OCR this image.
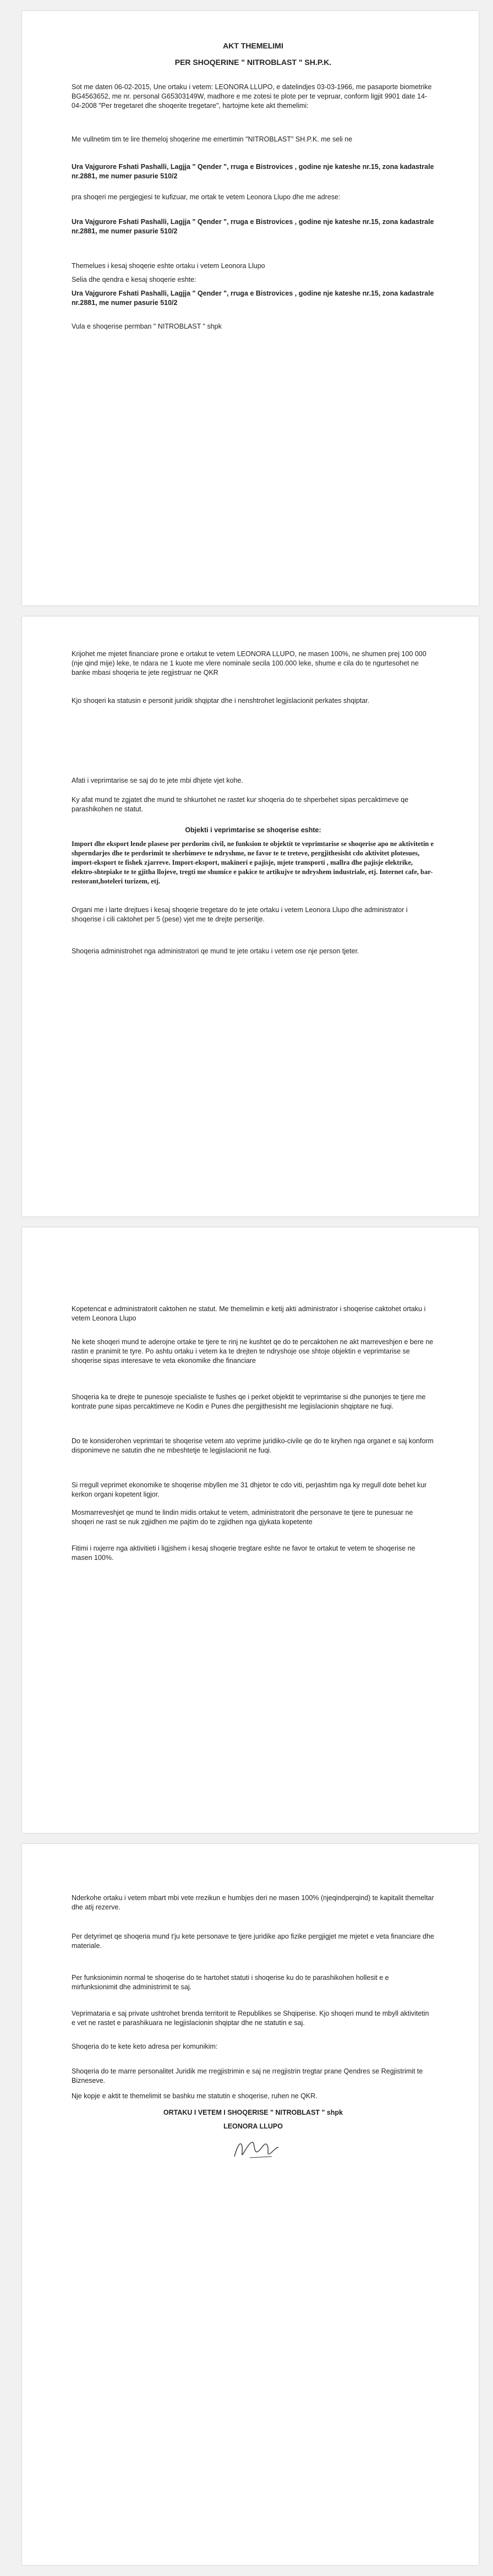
AKT THEMELIMI
PER SHOQERINE " NITROBLAST " SH.P.K.
Sot me daten 06-02-2015, Une ortaku i vetem: LEONORA LLUPO, e datelindjes 03-03-1966, me pasaporte biometrike BG4563652, me nr. personal G65303149W, madhore e me zotesi te plote per te vepruar, conform ligjit 9901 date 14-04-2008 "Per tregetaret dhe shoqerite tregetare", hartojme kete akt themelimi:
Me vullnetim tim te lire themeloj shoqerine me emertimin "NITROBLAST" SH.P.K. me seli ne
Ura Vajgurore Fshati Pashalli, Lagjja " Qender ", rruga e Bistrovices , godine nje kateshe nr.15, zona kadastrale nr.2881, me numer pasurie 510/2
pra shoqeri me pergjegjesi te kufizuar, me ortak te vetem Leonora Llupo dhe me adrese:
Ura Vajgurore Fshati Pashalli, Lagjja " Qender ", rruga e Bistrovices , godine nje kateshe nr.15, zona kadastrale nr.2881, me numer pasurie 510/2
Themelues i kesaj shoqerie eshte ortaku i vetem Leonora Llupo
Selia dhe qendra e kesaj shoqerie eshte:
Ura Vajgurore Fshati Pashalli, Lagjja " Qender ", rruga e Bistrovices , godine nje kateshe nr.15, zona kadastrale nr.2881, me numer pasurie 510/2
Vula e shoqerise permban " NITROBLAST " shpk
Krijohet me mjetet financiare prone e ortakut te vetem LEONORA LLUPO, ne masen 100%, ne shumen prej 100 000 (nje qind mije) leke, te ndara ne 1 kuote me vlere nominale secila 100.000 leke, shume e cila do te ngurtesohet ne banke mbasi shoqeria te jete regjistruar ne QKR
Kjo shoqeri ka statusin e personit juridik shqiptar dhe i nenshtrohet legjislacionit perkates shqiptar.
Afati i veprimtarise se saj do te jete mbi dhjete vjet kohe.
Ky afat mund te zgjatet dhe mund te shkurtohet ne rastet kur shoqeria do te shperbehet sipas percaktimeve qe parashikohen ne statut.
Objekti i veprimtarise se shoqerise eshte:
Import dhe eksport lende plasese per perdorim civil, ne funksion te objektit te veprimtarise se shoqerise apo ne aktivitetin e shperndarjes dhe te perdorimit te sherbimeve te ndryshme, ne favor te te treteve, pergjithesisht cdo aktivitet plotesues, import-eksport te fishek zjarreve. Import-eksport, makineri e pajisje, mjete transporti , mallra dhe pajisje elektrike, elektro-shtepiake te te gjitha llojeve, tregti me shumice e pakice te artikujve te ndryshem industriale, etj. Internet cafe, bar-restorant,hoteleri turizem, etj.
Organi me i larte drejtues i kesaj shoqerie tregetare do te jete ortaku i vetem Leonora Llupo dhe administrator i shoqerise i cili caktohet per 5 (pese) vjet me te drejte perseritje.
Shoqeria administrohet nga administratori qe mund te jete ortaku i vetem ose nje person tjeter.
Kopetencat e administratorit caktohen ne statut. Me themelimin e ketij akti administrator i shoqerise caktohet ortaku i vetem Leonora Llupo
Ne kete shoqeri mund te aderojne ortake te tjere te rinj ne kushtet qe do te percaktohen ne akt marreveshjen e bere ne rastin e pranimit te tyre. Po ashtu ortaku i vetem ka te drejten te ndryshoje ose shtoje objektin e veprimtarise se shoqerise sipas interesave te veta ekonomike dhe financiare
Shoqeria ka te drejte te punesoje specialiste te fushes qe i perket objektit te veprimtarise si dhe punonjes te tjere me kontrate pune sipas percaktimeve ne Kodin e Punes dhe pergjithesisht me legjislacionin shqiptare ne fuqi.
Do te konsiderohen veprimtari te shoqerise vetem ato veprime juridiko-civile qe do te kryhen nga organet e saj konform disponimeve ne satutin dhe ne mbeshtetje te legjislacionit ne fuqi.
Si rregull veprimet ekonomike te shoqerise mbyllen me 31 dhjetor te cdo viti, perjashtim nga ky rregull dote behet kur kerkon organi kopetent ligjor.
Mosmarreveshjet qe mund te lindin midis ortakut te vetem, administratorit dhe personave te tjere te punesuar ne shoqeri ne rast se nuk zgjidhen me pajtim do te zgjidhen nga gjykata kopetente
Fitimi i nxjerre nga aktivitieti i ligjshem i kesaj shoqerie tregtare eshte ne favor te ortakut te vetem te shoqerise ne masen 100%.
Nderkohe ortaku i vetem mbart mbi vete rrezikun e humbjes deri ne masen 100% (njeqindperqind) te kapitalit themeltar dhe atij rezerve.
Per detyrimet qe shoqeria mund t'ju kete personave te tjere juridike apo fizike pergjigjet me mjetet e veta financiare dhe materiale.
Per funksionimin normal te shoqerise do te hartohet statuti i shoqerise ku do te parashikohen hollesit e e mirfunksionimit dhe administrimit te saj.
Veprimataria e saj private ushtrohet brenda territorit te Republikes se Shqiperise. Kjo shoqeri mund te mbyll aktivitetin e vet ne rastet e parashikuara ne legjislacionin shqiptar dhe ne statutin e saj.
Shoqeria do te kete keto adresa per komunikim:
Shoqeria do te marre personalitet Juridik me rregjistrimin e saj ne rregjistrin tregtar prane Qendres se Regjistrimit te Bizneseve.
Nje kopje e aktit te themelimit se bashku me statutin e shoqerise, ruhen ne QKR.
ORTAKU I VETEM I SHOQERISE " NITROBLAST " shpk
LEONORA LLUPO
